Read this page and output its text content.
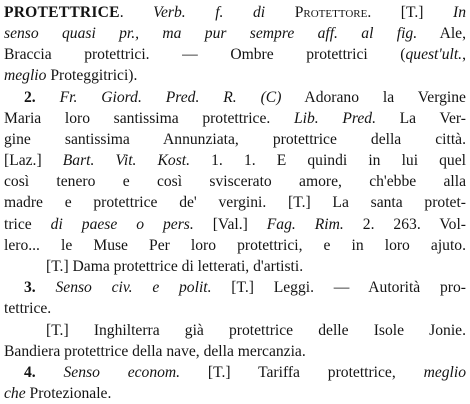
PROTETTRICE. Verb. f. di Protettore. [T.] In
senso quasi pr., ma pur sempre aff. al fig. Ale,
Braccia protettrici. — Ombre protettrici (quest'ult.,
meglio Proteggitrici).
2. Fr. Giord. Pred. R. (C) Adorano la Vergine
Maria loro santissima protettrice. Lib. Pred. La Ver-
gine santissima Annunziata, protettrice della città.
[Laz.] Bart. Vit. Kost. 1. 1. E quindi in lui quel
così tenero e così svisceratо amore, ch'ebbe alla
madre e protettrice de' vergini. [T.] La santa protet-
trice di paese o pers. [Val.] Fag. Rim. 2. 263. Vol-
lero... le Muse Per loro protettrici, e in loro ajuto.
[T.] Dama protettrice di letterati, d'artisti.
3. Senso civ. e polit. [T.] Leggi. — Autorità pro-
tettrice.
[T.] Inghilterra già protettrice delle Isole Jonie.
Bandiera protettrice della nave, della mercanzia.
4. Senso econom. [T.] Tariffa protettrice, meglio
che Protezionale.
